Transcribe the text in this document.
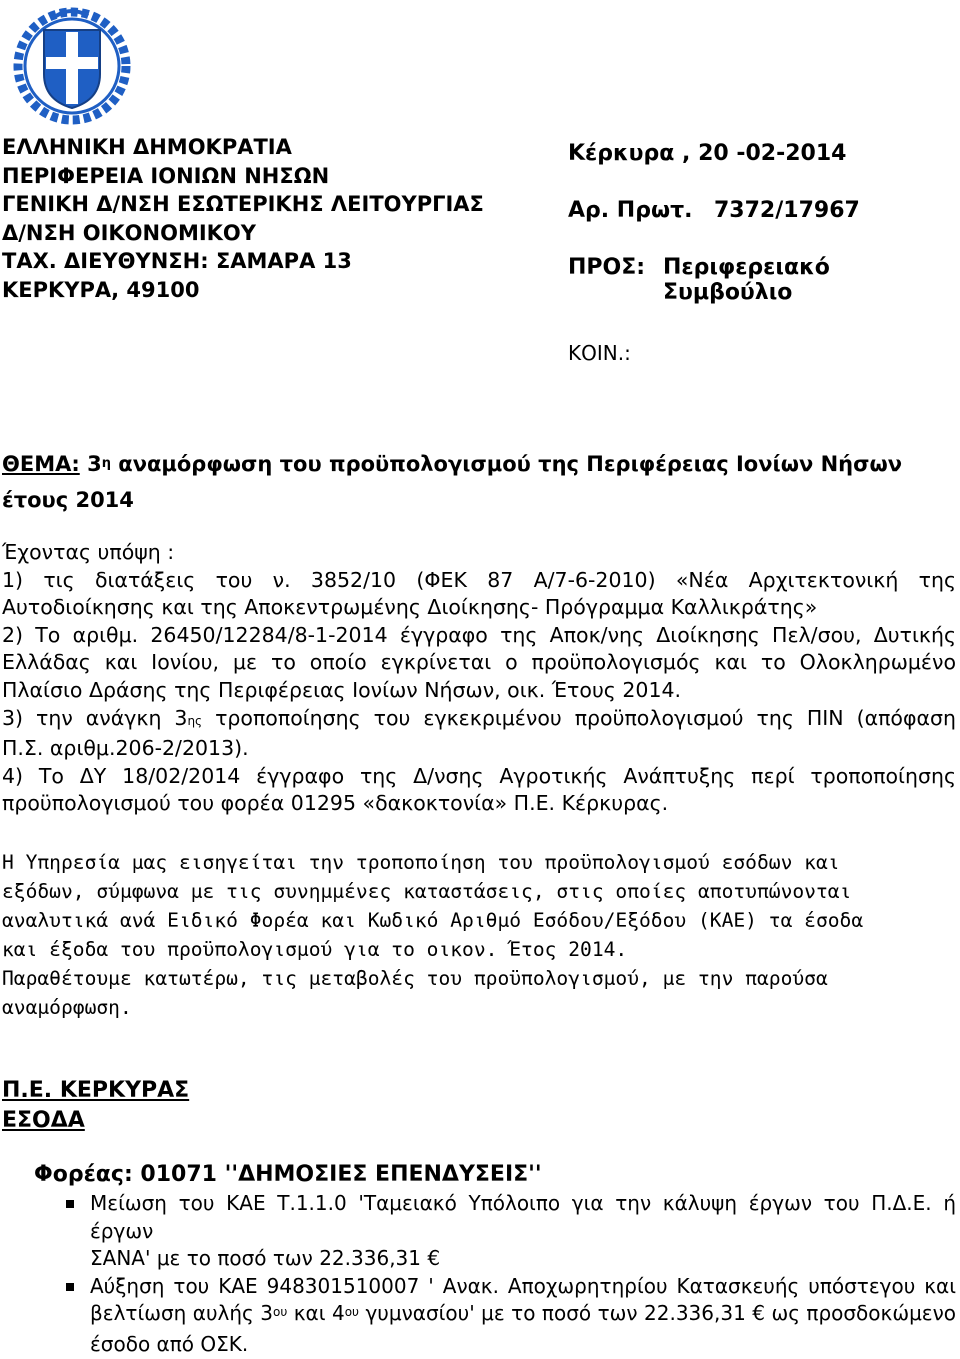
ΕΛΛΗΝΙΚΗ ΔΗΜΟΚΡΑΤΙΑ
ΠΕΡΙΦΕΡΕΙΑ ΙΟΝΙΩΝ ΝΗΣΩΝ
ΓΕΝΙΚΗ Δ/ΝΣΗ ΕΣΩΤΕΡΙΚΗΣ ΛΕΙΤΟΥΡΓΙΑΣ
Δ/ΝΣΗ ΟΙΚΟΝΟΜΙΚΟΥ
ΤΑΧ. ΔΙΕΥΘΥΝΣΗ: ΣΑΜΑΡΑ 13
ΚΕΡΚΥΡΑ, 49100
Κέρκυρα , 20 -02-2014
Αρ. Πρωτ. 7372/17967
ΠΡΟΣ: Περιφερειακό Συμβούλιο
ΚΟΙΝ.:
ΘΕΜΑ: $3^\eta$ αναμόρφωση του προϋπολογισμού της Περιφέρειας Ιονίων Νήσων
έτους 2014

Έχοντας υπόψη :

1) τις διατάξεις του ν. 3852/10 (ΦΕΚ 87 Α/7-6-2010) «Νέα Αρχιτεκτονική της

Αυτοδιοίκησης και της Αποκεντρωμένης Διοίκησης- Πρόγραμμα Καλλικράτης»

2) Το αριθμ. 26450/12284/8-1-2014 έγγραφο της Αποκ/νης Διοίκησης Πελ/σου, Δυτικής

Ελλάδας και Ιονίου, με το οποίο εγκρίνεται ο προϋπολογισμός και το Ολοκληρωμένο

Πλαίσιο Δράσης της Περιφέρειας Ιονίων Νήσων, οικ. Έτους 2014.

3) την ανάγκη 3ης τροποποίησης του εγκεκριμένου προϋπολογισμού της ΠΙΝ (απόφαση

Π.Σ. αριθμ.206-2/2013).

4) Το ΔΥ 18/02/2014 έγγραφο της Δ/νσης Αγροτικής Ανάπτυξης περί τροποποίησης

προϋπολογισμού του φορέα 01295 «δακοκτονία» Π.Ε. Κέρκυρας.

Η Υπηρεσία μας εισηγείται την τροποποίηση του προϋπολογισμού εσόδων και

εξόδων, σύμφωνα με τις συνημμένες καταστάσεις, στις οποίες αποτυπώνονται

αναλυτικά ανά Ειδικό Φορέα και Κωδικό Αριθμό Εσόδου/Εξόδου (ΚΑΕ) τα έσοδα

και έξοδα του προϋπολογισμού για το οικον. Έτος 2014.

Παραθέτουμε κατωτέρω, τις μεταβολές του προϋπολογισμού, με την παρούσα

αναμόρφωση.

Π.Ε. ΚΕΡΚΥΡΑΣ
ΕΣΟΔΑ
Φορέας: 01071 ''ΔΗΜΟΣΙΕΣ ΕΠΕΝΔΥΣΕΙΣ''
Μείωση του ΚΑΕ Τ.1.1.0 'Ταμειακό Υπόλοιπο για την κάλυψη έργων του Π.Δ.Ε. ή έργων
ΣΑΝΑ' με το ποσό των 22.336,31 €
Αύξηση του ΚΑΕ 948301510007 ' Ανακ. Αποχωρητηρίου Κατασκευής υπόστεγου και
βελτίωση αυλής $3^{o\upsilon}$ και $4^{o\upsilon}$ γυμνασίου' με το ποσό των 22.336,31 € ως προσδοκώμενο
έσοδο από ΟΣΚ.
